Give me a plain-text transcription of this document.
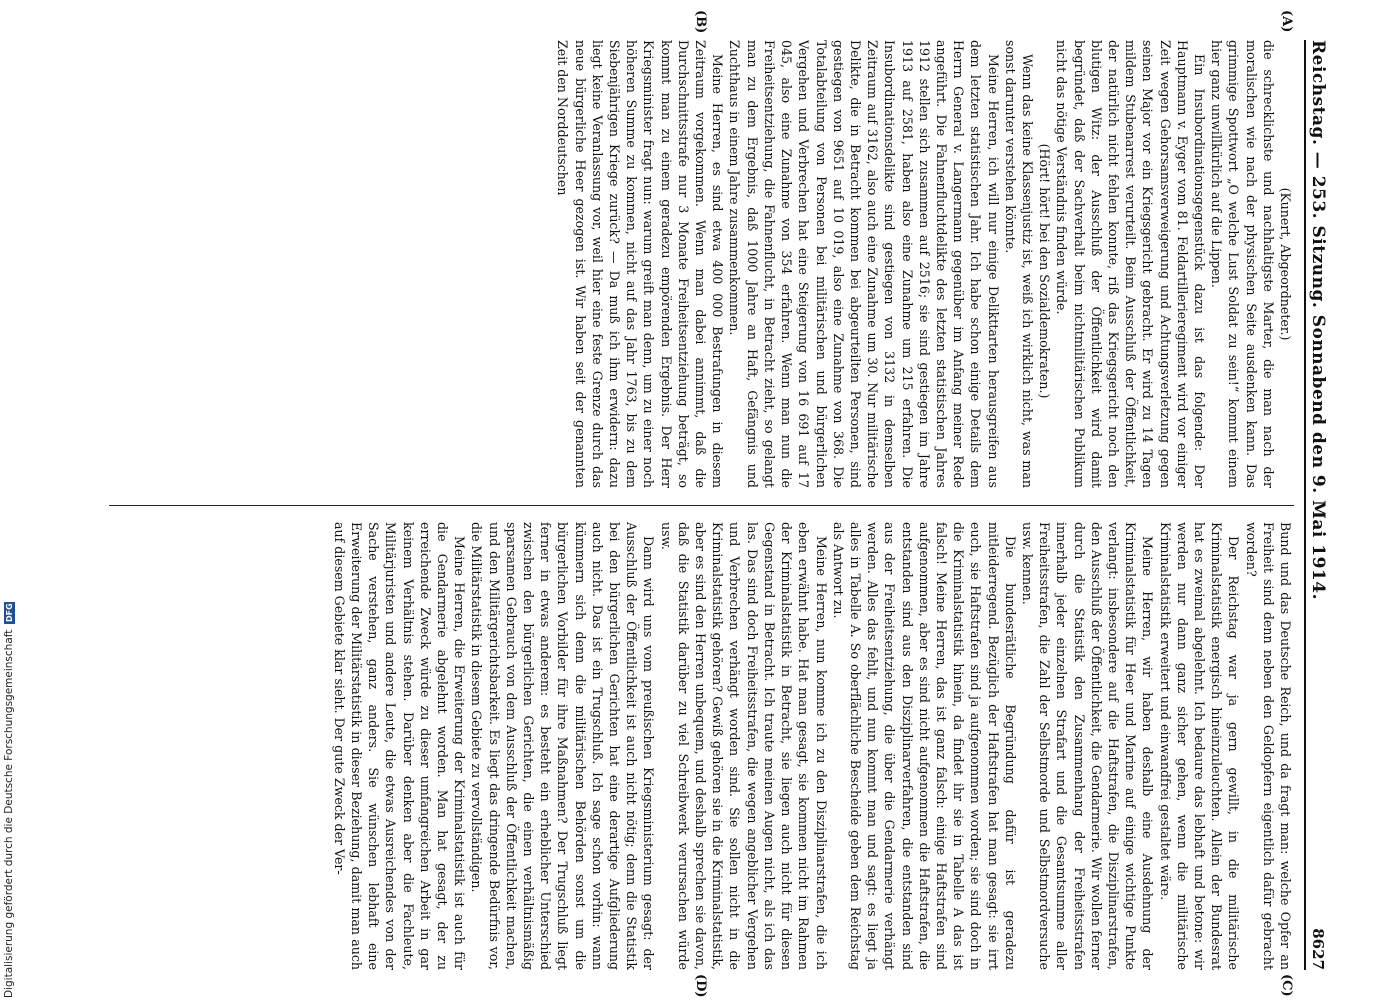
Digitalisierung gefördert durch die Deutsche Forschungsgemeinschaft
DFG
Reichstag. — 253. Sitzung. Sonnabend den 9. Mai 1914.
8627
(A)
(B)
(C)
(D)

(Kunert, Abgeordneter.)

die schrecklichste und nachhaltigste Marter, die man nach der moralischen wie nach der physischen Seite ausdenken kann. Das grimmige Spottwort „O welche Lust Soldat zu sein!“ kommt einem hier ganz unwillkürlich auf die Lippen.

Ein Insubordinationsgegenstück dazu ist das folgende: Der Hauptmann v. Eyger vom 81. Feldartillerieregiment wird vor einiger Zeit wegen Gehorsamsverweigerung und Achtungsverletzung gegen seinen Major vor ein Kriegsgericht gebracht. Er wird zu 14 Tagen mildem Stubenarrest verurteilt. Beim Ausschluß der Öffentlichkeit, der natürlich nicht fehlen konnte, riß das Kriegsgericht noch den blutigen Witz: der Ausschluß der Öffentlichkeit wird damit begründet, daß der Sachverhalt beim nichtmilitärischen Publikum nicht das nötige Verständnis finden würde.

(Hört! hört! bei den Sozialdemokraten.)

Wenn das keine Klassenjustiz ist, weiß ich wirklich nicht, was man sonst darunter verstehen könnte.

Meine Herren, ich will nur einige Delikttarten herausgreifen aus dem letzten statistischen Jahr. Ich habe schon einige Details dem Herrn General v. Langermann gegenüber im Anfang meiner Rede angeführt. Die Fahnenfluchtdelikte des letzten statistischen Jahres 1912 stellen sich zusammen auf 2516; sie sind gestiegen im Jahre 1913 auf 2581, haben also eine Zunahme um 215 erfahren. Die Insubordinationsdelikte sind gestiegen von 3132 in demselben Zeitraum auf 3162, also auch eine Zunahme um 30. Nur militärische Delikte, die in Betracht kommen bei abgeurteilten Personen, sind gestiegen von 9651 auf 10 019, also eine Zunahme von 368. Die Totalabteilung von Personen bei militärischen und bürgerlichen Vergehen und Verbrechen hat eine Steigerung von 16 691 auf 17 045, also eine Zunahme von 354 erfahren. Wenn man nun die Freiheitsentziehung, die Fahnenflucht, in Betracht zieht, so gelangt man zu dem Ergebnis, daß 1000 Jahre an Haft, Gefängnis und Zuchthaus in einem Jahre zusammenkommen.

Meine Herren, es sind etwa 400 000 Bestrafungen in diesem Zeitraum vorgekommen. Wenn man dabei annimmt, daß die Durchschnittsstrafe nur 3 Monate Freiheitsentziehung beträgt, so kommt man zu einem geradezu empörenden Ergebnis. Der Herr Kriegsminister fragt nun: warum greift man denn, um zu einer noch höheren Summe zu kommen, nicht auf das Jahr 1763, bis zu dem Siebenjährigen Kriege zurück? — Da muß ich ihm erwidern: dazu liegt keine Veranlassung vor, weil hier eine feste Grenze durch das neue bürgerliche Heer gezogen ist. Wir haben seit der genannten Zeit den Norddeutschen

Bund und das Deutsche Reich, und da fragt man: welche Opfer an Freiheit sind denn neben den Geldopfern eigentlich dafür gebracht worden?

Der Reichstag war ja gern gewillt, in die militärische Kriminalstatistik energisch hineinzuleuchten. Allein der Bundesrat hat es zweimal abgelehnt. Ich bedaure das lebhaft und betone: wir werden nur dann ganz sicher gehen, wenn die militärische Kriminalstatistik erweitert und einwandfrei gestaltet wäre.

Meine Herren, wir haben deshalb eine Ausdehnung der Kriminalstatistik für Heer und Marine auf einige wichtige Punkte verlangt: insbesondere auf die Haftstrafen, die Disziplinarstrafen, den Ausschluß der Öffentlichkeit, die Gendarmerie. Wir wollen ferner durch die Statistik den Zusammenhang der Freiheitsstrafen innerhalb jeder einzelnen Strafart und die Gesamtsumme aller Freiheitsstrafen, die Zahl der Selbstmorde und Selbstmordversuche usw. kennen.

Die bundesrätliche Begründung dafür ist geradezu mitleiderregend. Bezüglich der Haftstrafen hat man gesagt: sie irrt euch, sie Haftstrafen sind ja aufgenommen worden; sie sind doch in die Kriminalstatistik hinein, da findet ihr sie in Tabelle A das ist falsch! Meine Herren, das ist ganz falsch: einige Haftstrafen sind aufgenommen, aber es sind nicht aufgenommen die Haftstrafen, die entstanden sind aus den Disziplinarverfahren, die entstanden sind aus der Freiheitsentziehung, die über die Gendarmerie verhängt werden. Alles das fehlt, und nun kommt man und sagt: es liegt ja alles in Tabelle A. So oberflächliche Bescheide geben dem Reichstag als Antwort zu.

Meine Herren, nun komme ich zu den Disziplinarstrafen, die ich eben erwähnt habe. Hat man gesagt, sie kommen nicht im Rahmen der Kriminalstatistik in Betracht, sie liegen auch nicht für diesen Gegenstand in Betracht. Ich traute meinen Augen nicht, als ich das las. Das sind doch Freiheitsstrafen, die wegen angeblicher Vergehen und Verbrechen verhängt worden sind. Sie sollen nicht in die Kriminalstatistik gehören? Gewiß gehören sie in die Kriminalstatistik, aber es sind den Herren unbequem, und deshalb sprechen sie davon, daß die Statistik darüber zu viel Schreibwerk verursachen würde usw.

Dann wird uns vom preußischen Kriegsministerium gesagt: der Ausschluß der Öffentlichkeit ist auch nicht nötig; denn die Statistik bei den bürgerlichen Gerichten hat eine derartige Aufgliederung auch nicht. Das ist ein Trugschluß. Ich sage schon vorhin: wann kümmern sich denn die militärischen Behörden sonst um die bürgerlichen Vorbilder für ihre Maßnahmen? Der Trugschluß liegt ferner in etwas anderem: es besteht ein erheblicher Unterschied zwischen den bürgerlichen Gerichten, die einen verhältnismäßig sparsamen Gebrauch von dem Ausschluß der Öffentlichkeit machen, und den Militärgerichtsbarkeit. Es liegt das dringende Bedürfnis vor, die Militärstatistik in diesem Gebiete zu vervollständigen.

Meine Herren, die Erweiterung der Kriminalstatistik ist auch für die Gendarmerie abgelehnt worden. Man hat gesagt, der zu erreichende Zweck würde zu dieser umfangreichen Arbeit in gar keinem Verhältnis stehen. Darüber denken aber die Fachleute, Militärjuristen und andere Leute, die etwas Ausreichendes von der Sache verstehen, ganz anders. Sie wünschen lebhaft eine Erweiterung der Militärstatistik in dieser Beziehung, damit man auch auf diesem Gebiete klar sieht. Der gute Zweck der Ver-
